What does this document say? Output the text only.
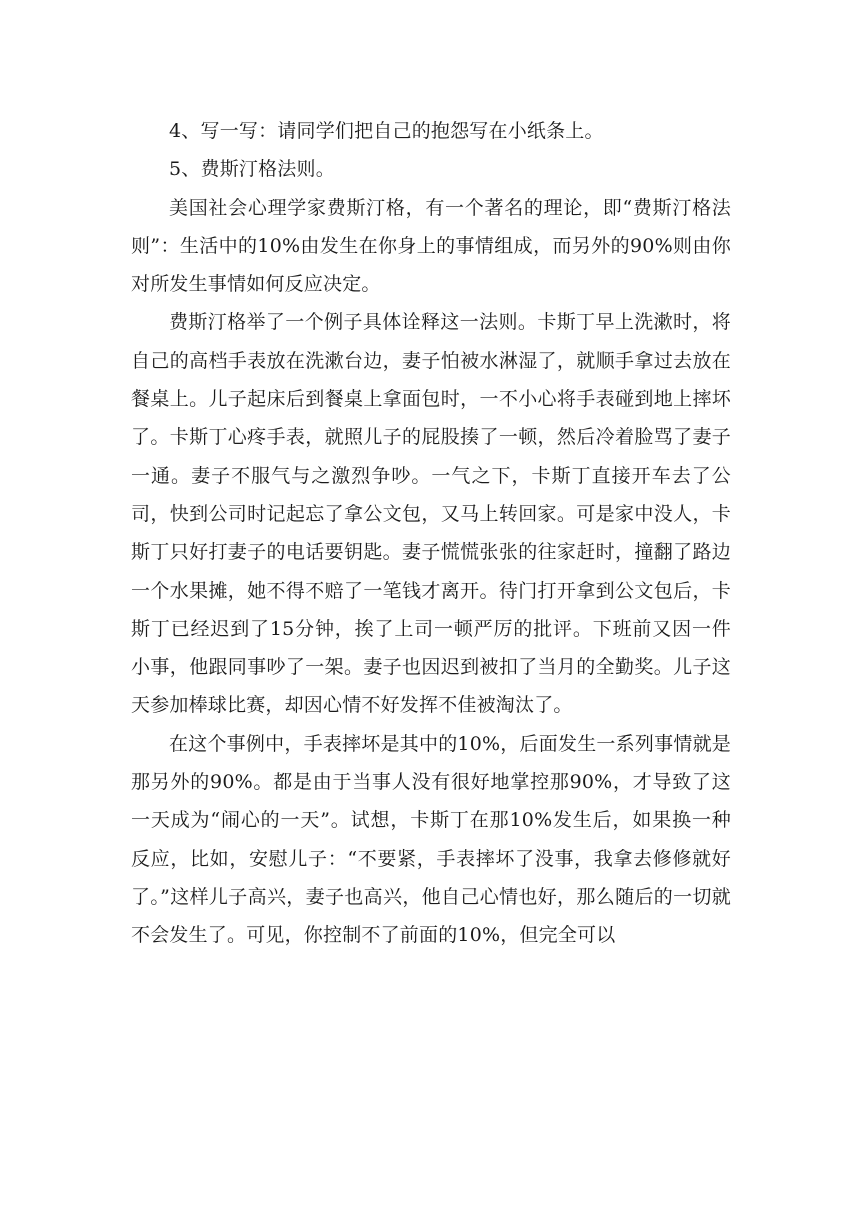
4、写一写：请同学们把自己的抱怨写在小纸条上。

5、费斯汀格法则。

美国社会心理学家费斯汀格，有一个著名的理论，即“费斯汀格法则”：生活中的10%由发生在你身上的事情组成，而另外的90%则由你对所发生事情如何反应决定。

费斯汀格举了一个例子具体诠释这一法则。卡斯丁早上洗漱时，将自己的高档手表放在洗漱台边，妻子怕被水淋湿了，就顺手拿过去放在餐桌上。儿子起床后到餐桌上拿面包时，一不小心将手表碰到地上摔坏了。卡斯丁心疼手表，就照儿子的屁股揍了一顿，然后冷着脸骂了妻子一通。妻子不服气与之激烈争吵。一气之下，卡斯丁直接开车去了公司，快到公司时记起忘了拿公文包，又马上转回家。可是家中没人，卡斯丁只好打妻子的电话要钥匙。妻子慌慌张张的往家赶时，撞翻了路边一个水果摊，她不得不赔了一笔钱才离开。待门打开拿到公文包后，卡斯丁已经迟到了15分钟，挨了上司一顿严厉的批评。下班前又因一件小事，他跟同事吵了一架。妻子也因迟到被扣了当月的全勤奖。儿子这天参加棒球比赛，却因心情不好发挥不佳被淘汰了。

在这个事例中，手表摔坏是其中的10%，后面发生一系列事情就是那另外的90%。都是由于当事人没有很好地掌控那90%，才导致了这一天成为“闹心的一天”。试想，卡斯丁在那10%发生后，如果换一种反应，比如，安慰儿子：“不要紧，手表摔坏了没事，我拿去修修就好了。”这样儿子高兴，妻子也高兴，他自己心情也好，那么随后的一切就不会发生了。可见，你控制不了前面的10%，但完全可以
